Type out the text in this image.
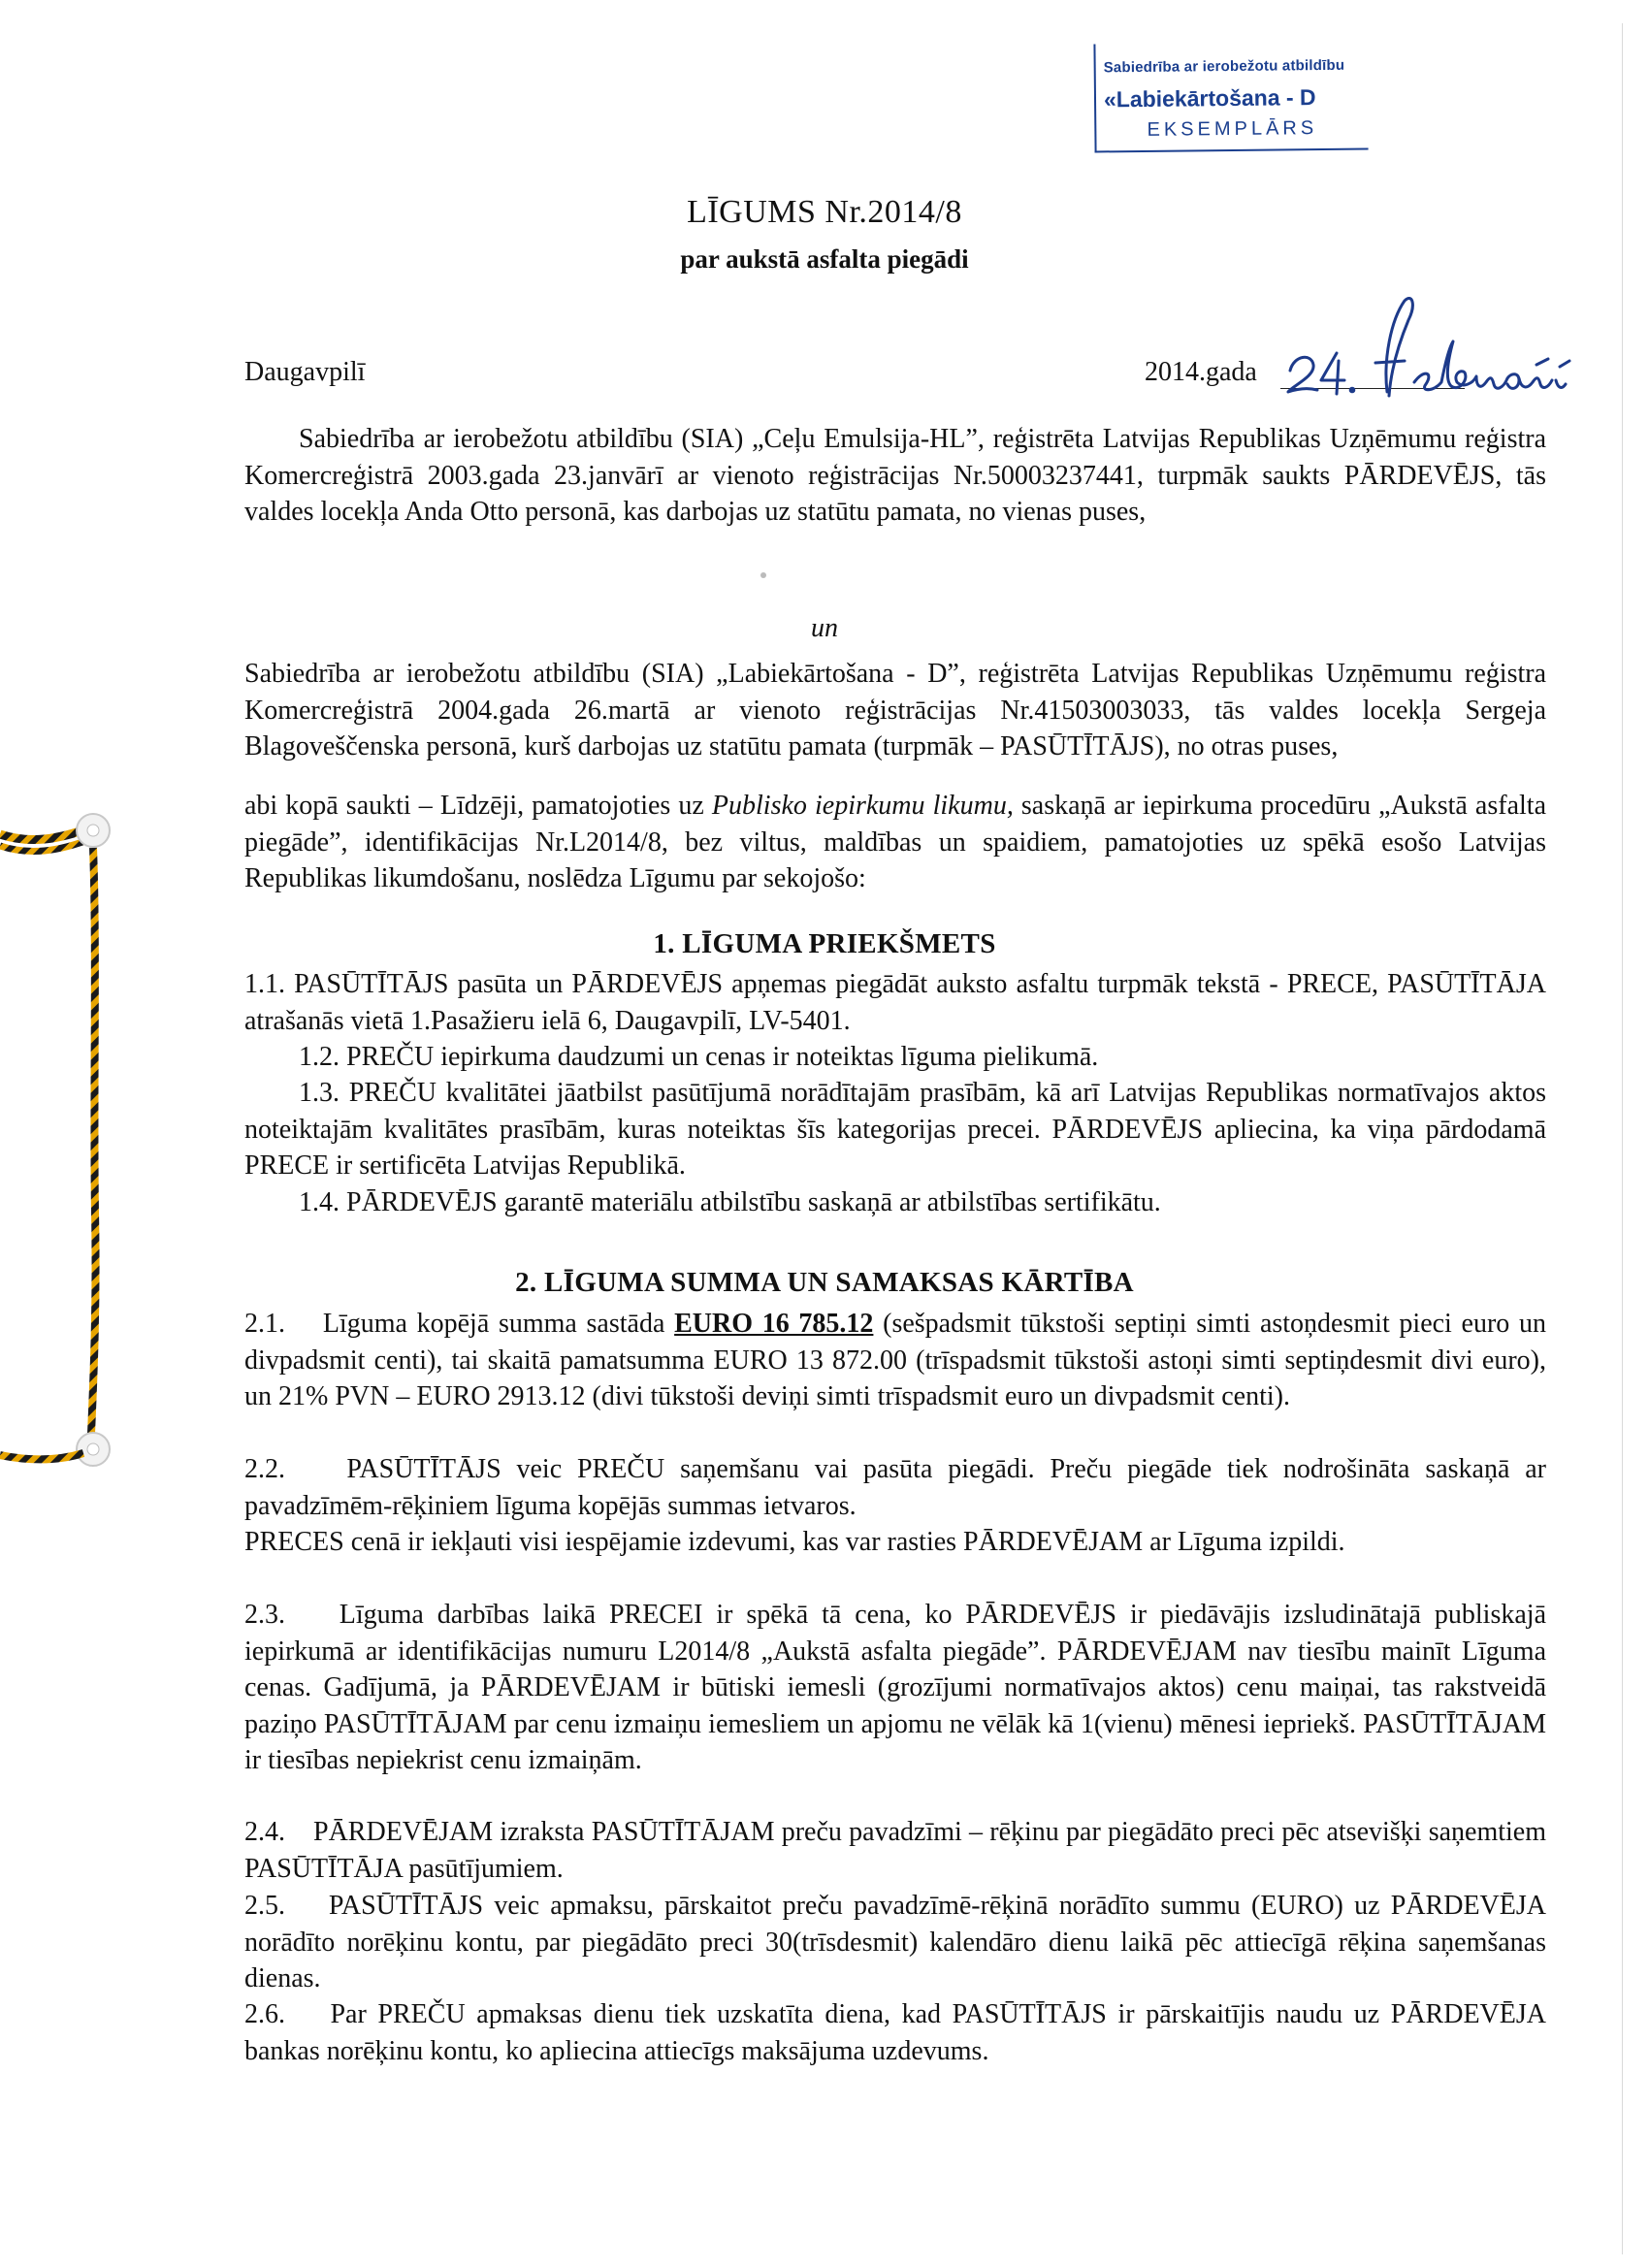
Sabiedrība ar ierobežotu atbildību
«Labiekārtošana - D
EKSEMPLĀRS
LĪGUMS Nr.2014/8
par aukstā asfalta piegādi
Daugavpilī	2014.gada
Sabiedrība ar ierobežotu atbildību (SIA) „Ceļu Emulsija-HL”, reģistrēta Latvijas Republikas Uzņēmumu reģistra Komercreģistrā 2003.gada 23.janvārī ar vienoto reģistrācijas Nr.50003237441, turpmāk saukts PĀRDEVĒJS, tās valdes locekļa Anda Otto personā, kas darbojas uz statūtu pamata, no vienas puses,
un
Sabiedrība ar ierobežotu atbildību (SIA) „Labiekārtošana - D”, reģistrēta Latvijas Republikas Uzņēmumu reģistra Komercreģistrā 2004.gada 26.martā ar vienoto reģistrācijas Nr.41503003033, tās valdes locekļa Sergeja Blagoveščenska personā, kurš darbojas uz statūtu pamata (turpmāk – PASŪTĪTĀJS), no otras puses,
abi kopā saukti – Līdzēji, pamatojoties uz Publisko iepirkumu likumu, saskaņā ar iepirkuma procedūru „Aukstā asfalta piegāde”, identifikācijas Nr.L2014/8, bez viltus, maldības un spaidiem, pamatojoties uz spēkā esošo Latvijas Republikas likumdošanu, noslēdza Līgumu par sekojošo:
1. LĪGUMA PRIEKŠMETS
1.1. PASŪTĪTĀJS pasūta un PĀRDEVĒJS apņemas piegādāt auksto asfaltu turpmāk tekstā - PRECE, PASŪTĪTĀJA atrašanās vietā 1.Pasažieru ielā 6, Daugavpilī, LV-5401.
1.2. PREČU iepirkuma daudzumi un cenas ir noteiktas līguma pielikumā.
1.3. PREČU kvalitātei jāatbilst pasūtījumā norādītajām prasībām, kā arī Latvijas Republikas normatīvajos aktos noteiktajām kvalitātes prasībām, kuras noteiktas šīs kategorijas precei. PĀRDEVĒJS apliecina, ka viņa pārdodamā PRECE ir sertificēta Latvijas Republikā.
1.4. PĀRDEVĒJS garantē materiālu atbilstību saskaņā ar atbilstības sertifikātu.
2. LĪGUMA SUMMA UN SAMAKSAS KĀRTĪBA
2.1.    Līguma kopējā summa sastāda EURO 16 785.12 (sešpadsmit tūkstoši septiņi simti astoņdesmit pieci euro un divpadsmit centi), tai skaitā pamatsumma EURO 13 872.00 (trīspadsmit tūkstoši astoņi simti septiņdesmit divi euro), un 21% PVN – EURO 2913.12 (divi tūkstoši deviņi simti trīspadsmit euro un divpadsmit centi).
2.2.    PASŪTĪTĀJS veic PREČU saņemšanu vai pasūta piegādi. Preču piegāde tiek nodrošināta saskaņā ar pavadzīmēm-rēķiniem līguma kopējās summas ietvaros.
PRECES cenā ir iekļauti visi iespējamie izdevumi, kas var rasties PĀRDEVĒJAM ar Līguma izpildi.
2.3.    Līguma darbības laikā PRECEI ir spēkā tā cena, ko PĀRDEVĒJS ir piedāvājis izsludinātajā publiskajā iepirkumā ar identifikācijas numuru L2014/8 „Aukstā asfalta piegāde”. PĀRDEVĒJAM nav tiesību mainīt Līguma cenas. Gadījumā, ja PĀRDEVĒJAM ir būtiski iemesli (grozījumi normatīvajos aktos) cenu maiņai, tas rakstveidā paziņo PASŪTĪTĀJAM par cenu izmaiņu iemesliem un apjomu ne vēlāk kā 1(vienu) mēnesi iepriekš. PASŪTĪTĀJAM ir tiesības nepiekrist cenu izmaiņām.
2.4.    PĀRDEVĒJAM izraksta PASŪTĪTĀJAM preču pavadzīmi – rēķinu par piegādāto preci pēc atsevišķi saņemtiem PASŪTĪTĀJA pasūtījumiem.
2.5.    PASŪTĪTĀJS veic apmaksu, pārskaitot preču pavadzīmē-rēķinā norādīto summu (EURO) uz PĀRDEVĒJA norādīto norēķinu kontu, par piegādāto preci 30(trīsdesmit) kalendāro dienu laikā pēc attiecīgā rēķina saņemšanas dienas.
2.6.    Par PREČU apmaksas dienu tiek uzskatīta diena, kad PASŪTĪTĀJS ir pārskaitījis naudu uz PĀRDEVĒJA bankas norēķinu kontu, ko apliecina attiecīgs maksājuma uzdevums.
